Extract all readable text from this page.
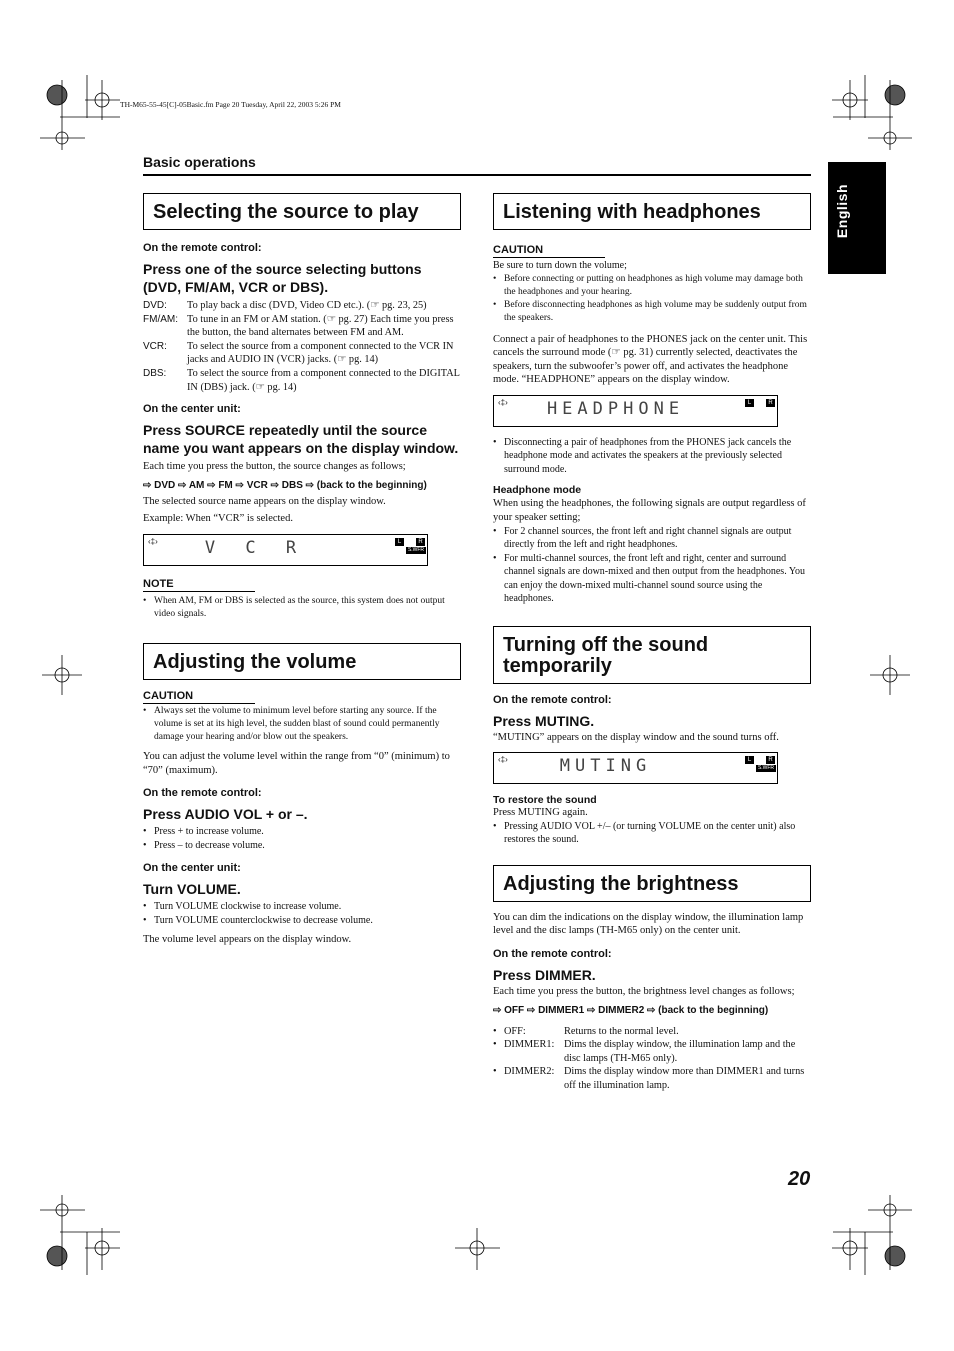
TH-M65-55-45[C]-05Basic.fm Page 20 Tuesday, April 22, 2003 5:26 PM
Basic operations
English
Selecting the source to play
On the remote control:
Press one of the source selecting buttons (DVD, FM/AM, VCR or DBS).
DVD:	To play back a disc (DVD, Video CD etc.). (☞ pg. 23, 25)
FM/AM: To tune in an FM or AM station. (☞ pg. 27) Each time you press the button, the band alternates between FM and AM.
VCR:	To select the source from a component connected to the VCR IN jacks and AUDIO IN (VCR) jacks. (☞ pg. 14)
DBS:	To select the source from a component connected to the DIGITAL IN (DBS) jack. (☞ pg. 14)
On the center unit:
Press SOURCE repeatedly until the source name you want appears on the display window.
Each time you press the button, the source changes as follows;
⇨ DVD ⇨ AM ⇨ FM ⇨ VCR ⇨ DBS ⇨ (back to the beginning)
The selected source name appears on the display window.
Example: When “VCR” is selected.
‹‡›	V C R	L	R
S.WFR
NOTE
• When AM, FM or DBS is selected as the source, this system does not output video signals.
Adjusting the volume
CAUTION
• Always set the volume to minimum level before starting any source. If the volume is set at its high level, the sudden blast of sound could permanently damage your hearing and/or blow out the speakers.
You can adjust the volume level within the range from “0” (minimum) to “70” (maximum).
On the remote control:
Press AUDIO VOL + or –.
• Press + to increase volume.
• Press – to decrease volume.
On the center unit:
Turn VOLUME.
• Turn VOLUME clockwise to increase volume.
• Turn VOLUME counterclockwise to decrease volume.
The volume level appears on the display window.
Listening with headphones
CAUTION
Be sure to turn down the volume;
• Before connecting or putting on headphones as high volume may damage both the headphones and your hearing.
• Before disconnecting headphones as high volume may be suddenly output from the speakers.
Connect a pair of headphones to the PHONES jack on the center unit. This cancels the surround mode (☞ pg. 31) currently selected, deactivates the speakers, turn the subwoofer’s power off, and activates the headphone mode. “HEADPHONE” appears on the display window.
‹‡›	HEADPHONE	L	R
• Disconnecting a pair of headphones from the PHONES jack cancels the headphone mode and activates the speakers at the previously selected surround mode.
Headphone mode
When using the headphones, the following signals are output regardless of your speaker setting;
• For 2 channel sources, the front left and right channel signals are output directly from the left and right headphones.
• For multi-channel sources, the front left and right, center and surround channel signals are down-mixed and then output from the headphones. You can enjoy the down-mixed multi-channel sound source using the headphones.
Turning off the sound temporarily
On the remote control:
Press MUTING.
“MUTING” appears on the display window and the sound turns off.
‹‡›	MUTING	L	R
S.WFR
To restore the sound
Press MUTING again.
• Pressing AUDIO VOL +/– (or turning VOLUME on the center unit) also restores the sound.
Adjusting the brightness
You can dim the indications on the display window, the illumination lamp level and the disc lamps (TH-M65 only) on the center unit.
On the remote control:
Press DIMMER.
Each time you press the button, the brightness level changes as follows;
⇨ OFF ⇨ DIMMER1 ⇨ DIMMER2 ⇨ (back to the beginning)
• OFF:	Returns to the normal level.
• DIMMER1: Dims the display window, the illumination lamp and the disc lamps (TH-M65 only).
• DIMMER2: Dims the display window more than DIMMER1 and turns off the illumination lamp.
20
